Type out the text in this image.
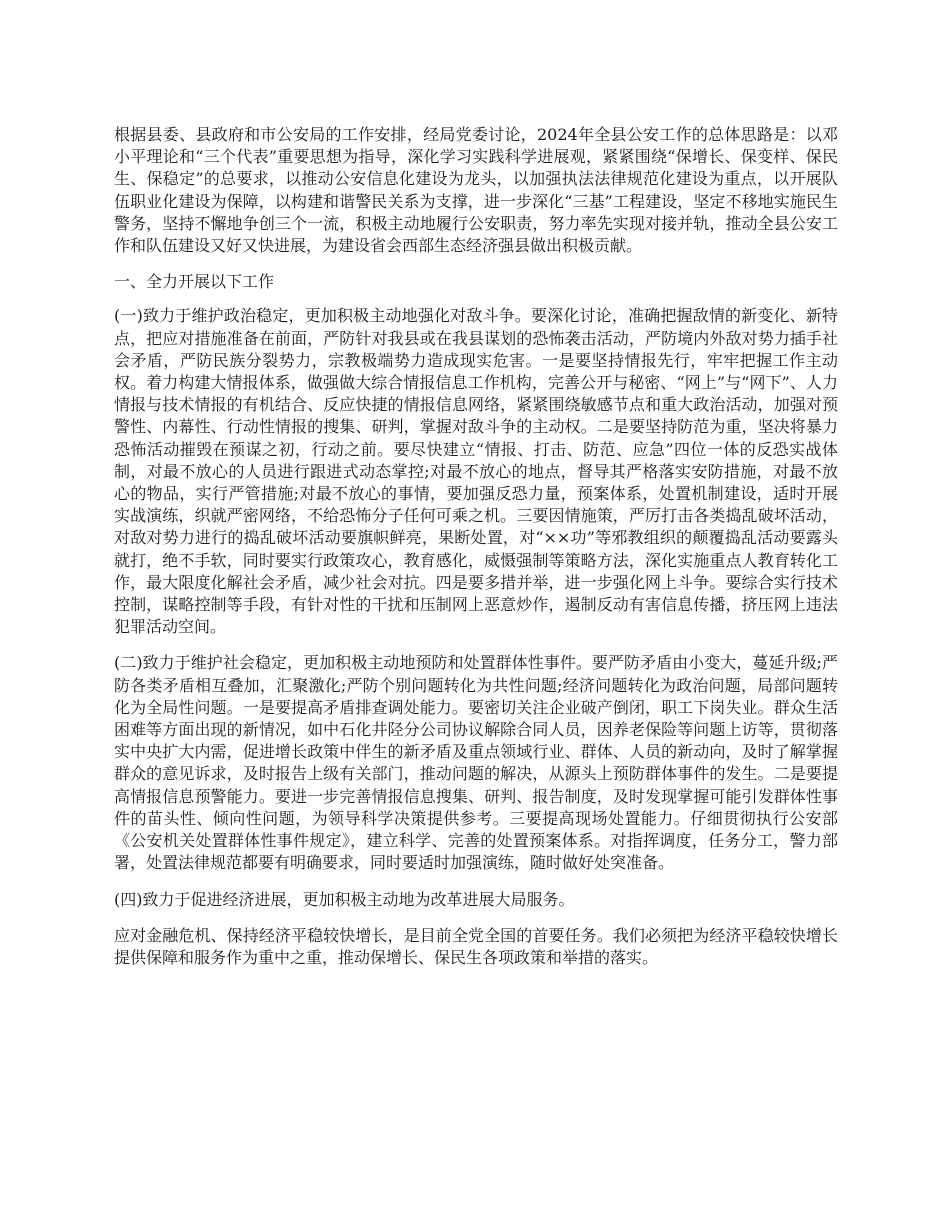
根据县委、县政府和市公安局的工作安排，经局党委讨论，2024年全县公安工作的总体思路是：以邓小平理论和“三个代表”重要思想为指导，深化学习实践科学进展观，紧紧围绕“保增长、保变样、保民生、保稳定”的总要求，以推动公安信息化建设为龙头，以加强执法法律规范化建设为重点，以开展队伍职业化建设为保障，以构建和谐警民关系为支撑，进一步深化“三基”工程建设，坚定不移地实施民生警务，坚持不懈地争创三个一流，积极主动地履行公安职责，努力率先实现对接并轨，推动全县公安工作和队伍建设又好又快进展，为建设省会西部生态经济强县做出积极贡献。

一、全力开展以下工作

(一)致力于维护政治稳定，更加积极主动地强化对敌斗争。要深化讨论，准确把握敌情的新变化、新特点，把应对措施准备在前面，严防针对我县或在我县谋划的恐怖袭击活动，严防境内外敌对势力插手社会矛盾，严防民族分裂势力，宗教极端势力造成现实危害。一是要坚持情报先行，牢牢把握工作主动权。着力构建大情报体系，做强做大综合情报信息工作机构，完善公开与秘密、“网上”与“网下”、人力情报与技术情报的有机结合、反应快捷的情报信息网络，紧紧围绕敏感节点和重大政治活动，加强对预警性、内幕性、行动性情报的搜集、研判，掌握对敌斗争的主动权。二是要坚持防范为重，坚决将暴力恐怖活动摧毁在预谋之初，行动之前。要尽快建立“情报、打击、防范、应急”四位一体的反恐实战体制，对最不放心的人员进行跟进式动态掌控;对最不放心的地点，督导其严格落实安防措施，对最不放心的物品，实行严管措施;对最不放心的事情，要加强反恐力量，预案体系，处置机制建设，适时开展实战演练，织就严密网络，不给恐怖分子任何可乘之机。三要因情施策，严厉打击各类捣乱破坏活动，对敌对势力进行的捣乱破坏活动要旗帜鲜亮，果断处置，对“××功”等邪教组织的颠覆捣乱活动要露头就打，绝不手软，同时要实行政策攻心，教育感化，威慑强制等策略方法，深化实施重点人教育转化工作，最大限度化解社会矛盾，减少社会对抗。四是要多措并举，进一步强化网上斗争。要综合实行技术控制，谋略控制等手段，有针对性的干扰和压制网上恶意炒作，遏制反动有害信息传播，挤压网上违法犯罪活动空间。

(二)致力于维护社会稳定，更加积极主动地预防和处置群体性事件。要严防矛盾由小变大，蔓延升级;严防各类矛盾相互叠加，汇聚激化;严防个别问题转化为共性问题;经济问题转化为政治问题，局部问题转化为全局性问题。一是要提高矛盾排查调处能力。要密切关注企业破产倒闭，职工下岗失业。群众生活困难等方面出现的新情况，如中石化井陉分公司协议解除合同人员，因养老保险等问题上访等，贯彻落实中央扩大内需，促进增长政策中伴生的新矛盾及重点领域行业、群体、人员的新动向，及时了解掌握群众的意见诉求，及时报告上级有关部门，推动问题的解决，从源头上预防群体事件的发生。二是要提高情报信息预警能力。要进一步完善情报信息搜集、研判、报告制度，及时发现掌握可能引发群体性事件的苗头性、倾向性问题，为领导科学决策提供参考。三要提高现场处置能力。仔细贯彻执行公安部《公安机关处置群体性事件规定》，建立科学、完善的处置预案体系。对指挥调度，任务分工，警力部署，处置法律规范都要有明确要求，同时要适时加强演练，随时做好处突准备。

(四)致力于促进经济进展，更加积极主动地为改革进展大局服务。

应对金融危机、保持经济平稳较快增长，是目前全党全国的首要任务。我们必须把为经济平稳较快增长提供保障和服务作为重中之重，推动保增长、保民生各项政策和举措的落实。
